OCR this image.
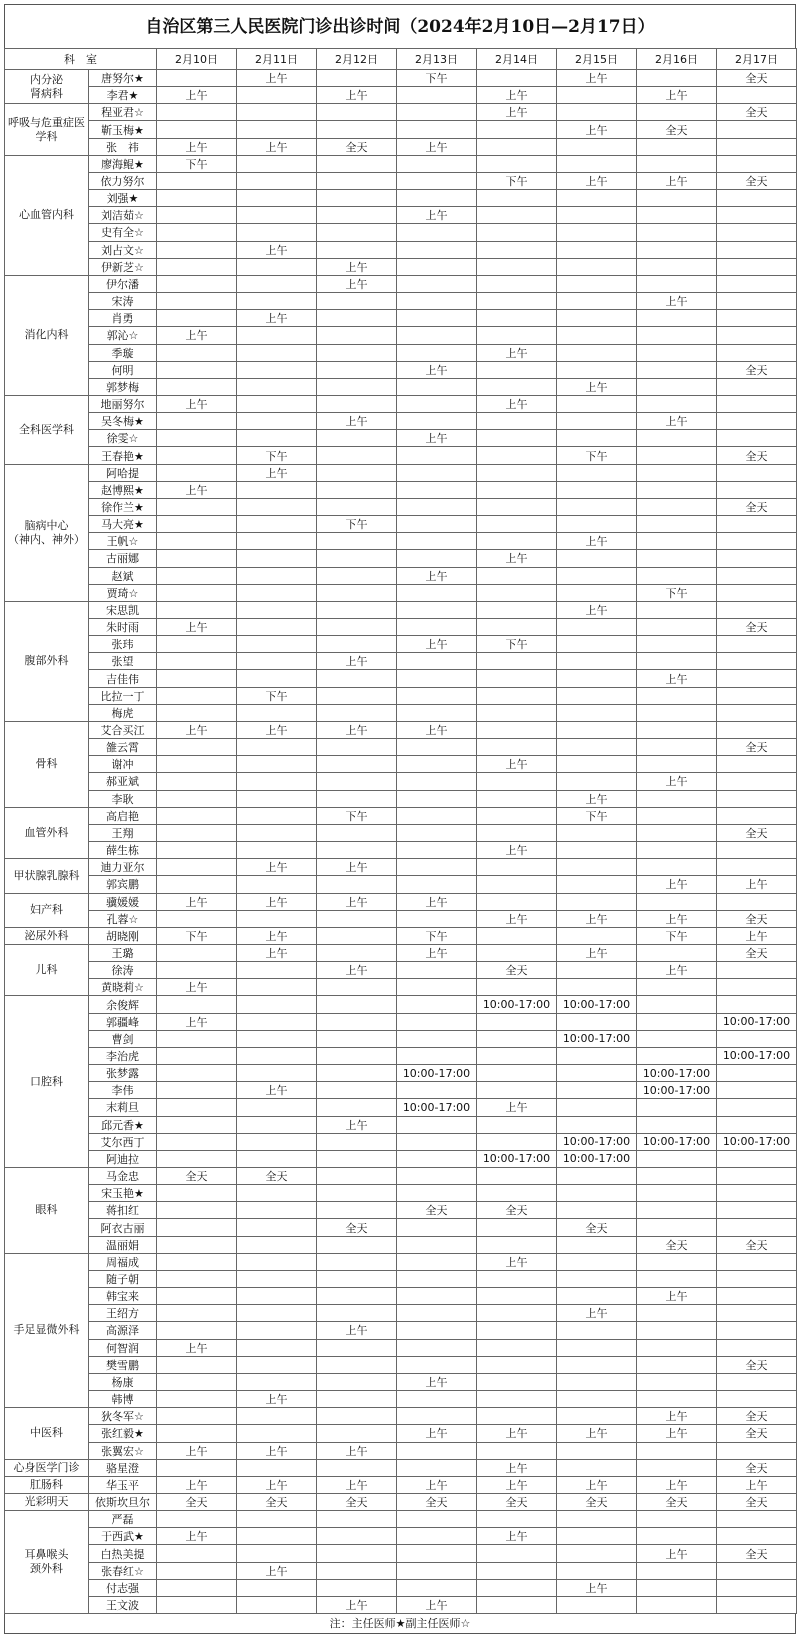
自治区第三人民医院门诊出诊时间（2024年2月10日—2月17日）
科　室		2月10日	2月11日	2月12日	2月13日	2月14日	2月15日	2月16日	2月17日
内分泌
肾病科	唐努尔★		上午		下午		上午		全天
	李君★	上午		上午		上午		上午	
呼吸与危重症医
学科	程亚君☆					上午			全天
	靳玉梅★						上午	全天	
	张　祎	上午	上午	全天	上午				
心血管内科	廖海鲲★	下午							
	依力努尔					下午	上午	上午	全天
	刘强★								
	刘洁茹☆				上午				
	史有全☆								
	刘占文☆		上午						
	伊新芝☆			上午					
消化内科	伊尔潘			上午					
	宋涛							上午	
	肖勇		上午						
	郭沁☆	上午							
	季璇					上午			
	何明				上午				全天
	郭梦梅						上午		
全科医学科	地丽努尔	上午				上午			
	吴冬梅★			上午				上午	
	徐雯☆				上午				
	王春艳★		下午				下午		全天
脑病中心
（神内、神外）	阿哈提		上午						
	赵博熙★	上午							
	徐作兰★								全天
	马大亮★			下午					
	王帆☆						上午		
	古丽娜					上午			
	赵斌				上午				
	贾琦☆							下午	
腹部外科	宋思凯						上午		
	朱时雨	上午							全天
	张玮				上午	下午			
	张望			上午					
	吉佳伟							上午	
	比拉一丁		下午						
	梅虎								
骨科	艾合买江	上午	上午	上午	上午				
	雒云霄								全天
	谢冲					上午			
	郝亚斌							上午	
	李耿						上午		
血管外科	高启艳			下午			下午		
	王翔								全天
	薛生栋					上午			
甲状腺乳腺科	迪力亚尔		上午	上午					
	郭宾鹏							上午	上午
妇产科	骥媛媛	上午	上午	上午	上午				
	孔蓉☆					上午	上午	上午	全天
泌尿外科	胡晓刚	下午	上午		下午			下午	上午
儿科	王璐		上午		上午		上午		全天
	徐涛			上午		全天		上午	
	黄晓莉☆	上午							
口腔科	余俊辉					10:00-17:00	10:00-17:00		
	郭疆峰	上午							10:00-17:00
	曹剑						10:00-17:00		
	李治虎								10:00-17:00
	张梦露				10:00-17:00			10:00-17:00	
	李伟		上午					10:00-17:00	
	末莉旦				10:00-17:00	上午			
	邱元香★			上午					
	艾尔西丁						10:00-17:00	10:00-17:00	10:00-17:00
	阿迪拉					10:00-17:00	10:00-17:00		
眼科	马金忠	全天	全天						
	宋玉艳★								
	蒋扣红				全天	全天			
	阿衣古丽			全天			全天		
	温丽娟							全天	全天
手足显微外科	周福成					上午			
	随子朝								
	韩宝来							上午	
	王绍方						上午		
	高源泽			上午					
	何智润	上午							
	樊雪鹏								全天
	杨康				上午				
	韩博		上午						
中医科	狄冬军☆							上午	全天
	张红毅★				上午	上午	上午	上午	全天
	张翼宏☆	上午	上午	上午					
心身医学门诊	骆星澄					上午			全天
肛肠科	华玉平	上午	上午	上午	上午	上午	上午	上午	上午
光彩明天	依斯坎旦尔	全天	全天	全天	全天	全天	全天	全天	全天
耳鼻喉头
颈外科	严磊								
	于西武★	上午				上午			
	白热美提							上午	全天
	张春红☆		上午						
	付志强						上午		
	王文波			上午	上午				
注：主任医师★副主任医师☆
